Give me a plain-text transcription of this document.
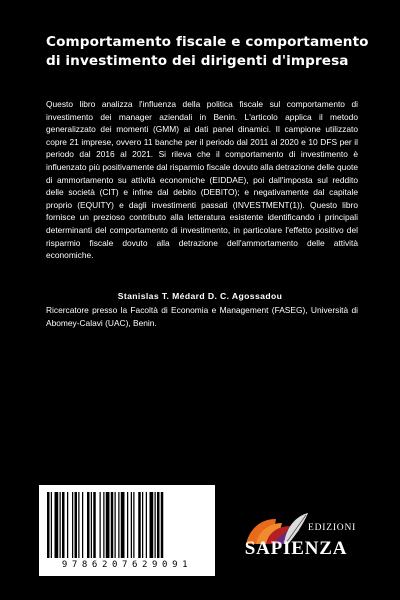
Comportamento fiscale e comportamento di investimento dei dirigenti d'impresa

Questo libro analizza l'influenza della politica fiscale sul comportamento di investimento dei manager aziendali in Benin. L'articolo applica il metodo generalizzato dei momenti (GMM) ai dati panel dinamici. Il campione utilizzato copre 21 imprese, ovvero 11 banche per il periodo dal 2011 al 2020 e 10 DFS per il periodo dal 2016 al 2021. Si rileva che il comportamento di investimento è influenzato più positivamente dal risparmio fiscale dovuto alla detrazione delle quote di ammortamento su attività economiche (EIDDAE), poi dall'imposta sul reddito delle società (CIT) e infine dal debito (DEBITO); e negativamente dal capitale proprio (EQUITY) e dagli investimenti passati (INVESTMENT(1)). Questo libro fornisce un prezioso contributo alla letteratura esistente identificando i principali determinanti del comportamento di investimento, in particolare l'effetto positivo del risparmio fiscale dovuto alla detrazione dell'ammortamento delle attività economiche.

Stanislas T. Médard D. C. Agossadou

Ricercatore presso la Facoltà di Economia e Management (FASEG), Università di Abomey-Calavi (UAC), Benin.

9786207629091
EDIZIONI
SAPIENZA
